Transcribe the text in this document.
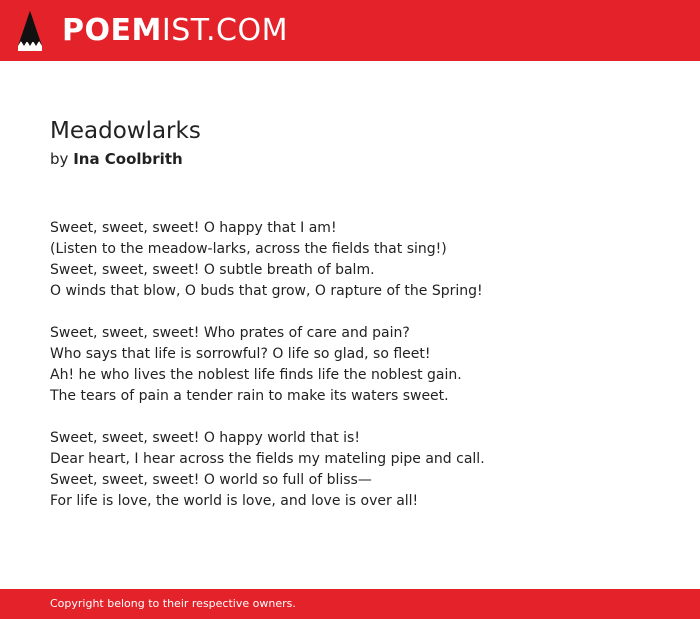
POEMIST.COM
Meadowlarks
by Ina Coolbrith
Sweet, sweet, sweet! O happy that I am!
(Listen to the meadow-larks, across the fields that sing!)
Sweet, sweet, sweet! O subtle breath of balm.
O winds that blow, O buds that grow, O rapture of the Spring!
Sweet, sweet, sweet! Who prates of care and pain?
Who says that life is sorrowful? O life so glad, so fleet!
Ah! he who lives the noblest life finds life the noblest gain.
The tears of pain a tender rain to make its waters sweet.
Sweet, sweet, sweet! O happy world that is!
Dear heart, I hear across the fields my mateling pipe and call.
Sweet, sweet, sweet! O world so full of bliss—
For life is love, the world is love, and love is over all!
Copyright belong to their respective owners.
